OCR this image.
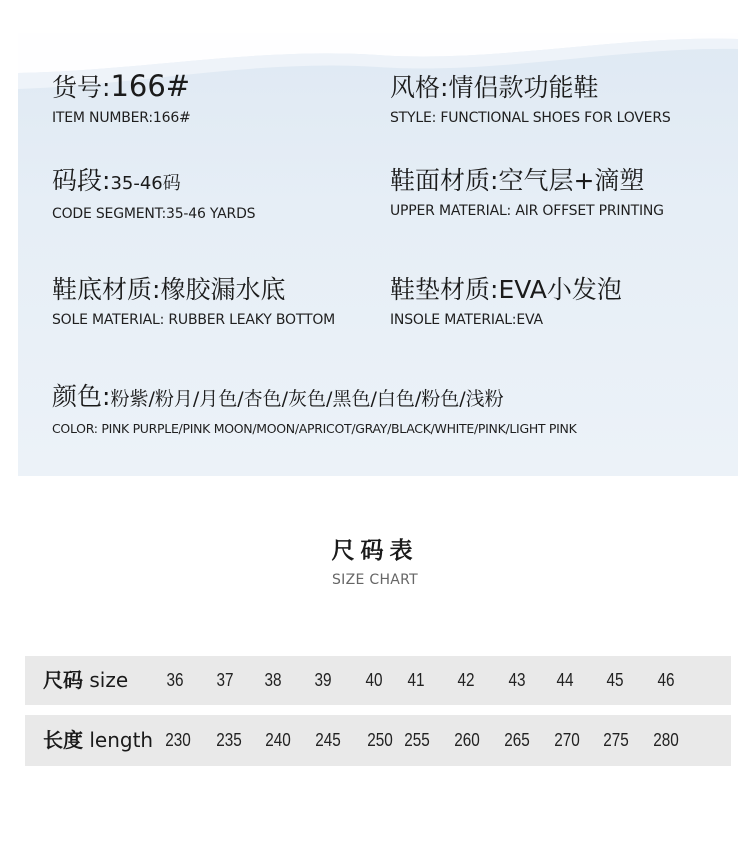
货号:166#
ITEM NUMBER:166#
风格:情侣款功能鞋
STYLE: FUNCTIONAL SHOES FOR LOVERS
码段:35-46码
CODE SEGMENT:35-46 YARDS
鞋面材质:空气层+滴塑
UPPER MATERIAL: AIR OFFSET PRINTING
鞋底材质:橡胶漏水底
SOLE MATERIAL: RUBBER LEAKY BOTTOM
鞋垫材质:EVA小发泡
INSOLE MATERIAL:EVA
颜色:粉紫/粉月/月色/杏色/灰色/黑色/白色/粉色/浅粉
COLOR: PINK PURPLE/PINK MOON/MOON/APRICOT/GRAY/BLACK/WHITE/PINK/LIGHT PINK
尺码表
SIZE CHART
尺码 size	36	37	38	39	40	41	42	43	44	45	46
长度 length 230 235 240 245 250 255 260 265 270 275 280
